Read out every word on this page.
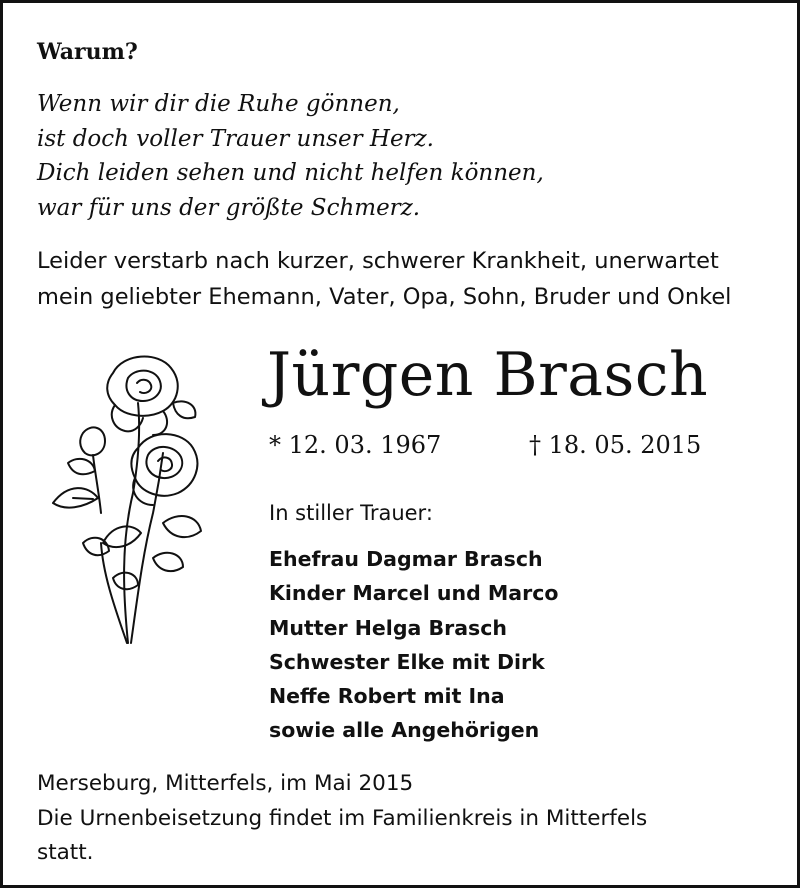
Warum?
Wenn wir dir die Ruhe gönnen,
ist doch voller Trauer unser Herz.
Dich leiden sehen und nicht helfen können,
war für uns der größte Schmerz.
Leider verstarb nach kurzer, schwerer Krankheit, unerwartet
mein geliebter Ehemann, Vater, Opa, Sohn, Bruder und Onkel
Jürgen Brasch
* 12. 03. 1967	† 18. 05. 2015
In stiller Trauer:
Ehefrau Dagmar Brasch
Kinder Marcel und Marco
Mutter Helga Brasch
Schwester Elke mit Dirk
Neffe Robert mit Ina
sowie alle Angehörigen
Merseburg, Mitterfels, im Mai 2015
Die Urnenbeisetzung findet im Familienkreis in Mitterfels
statt.
